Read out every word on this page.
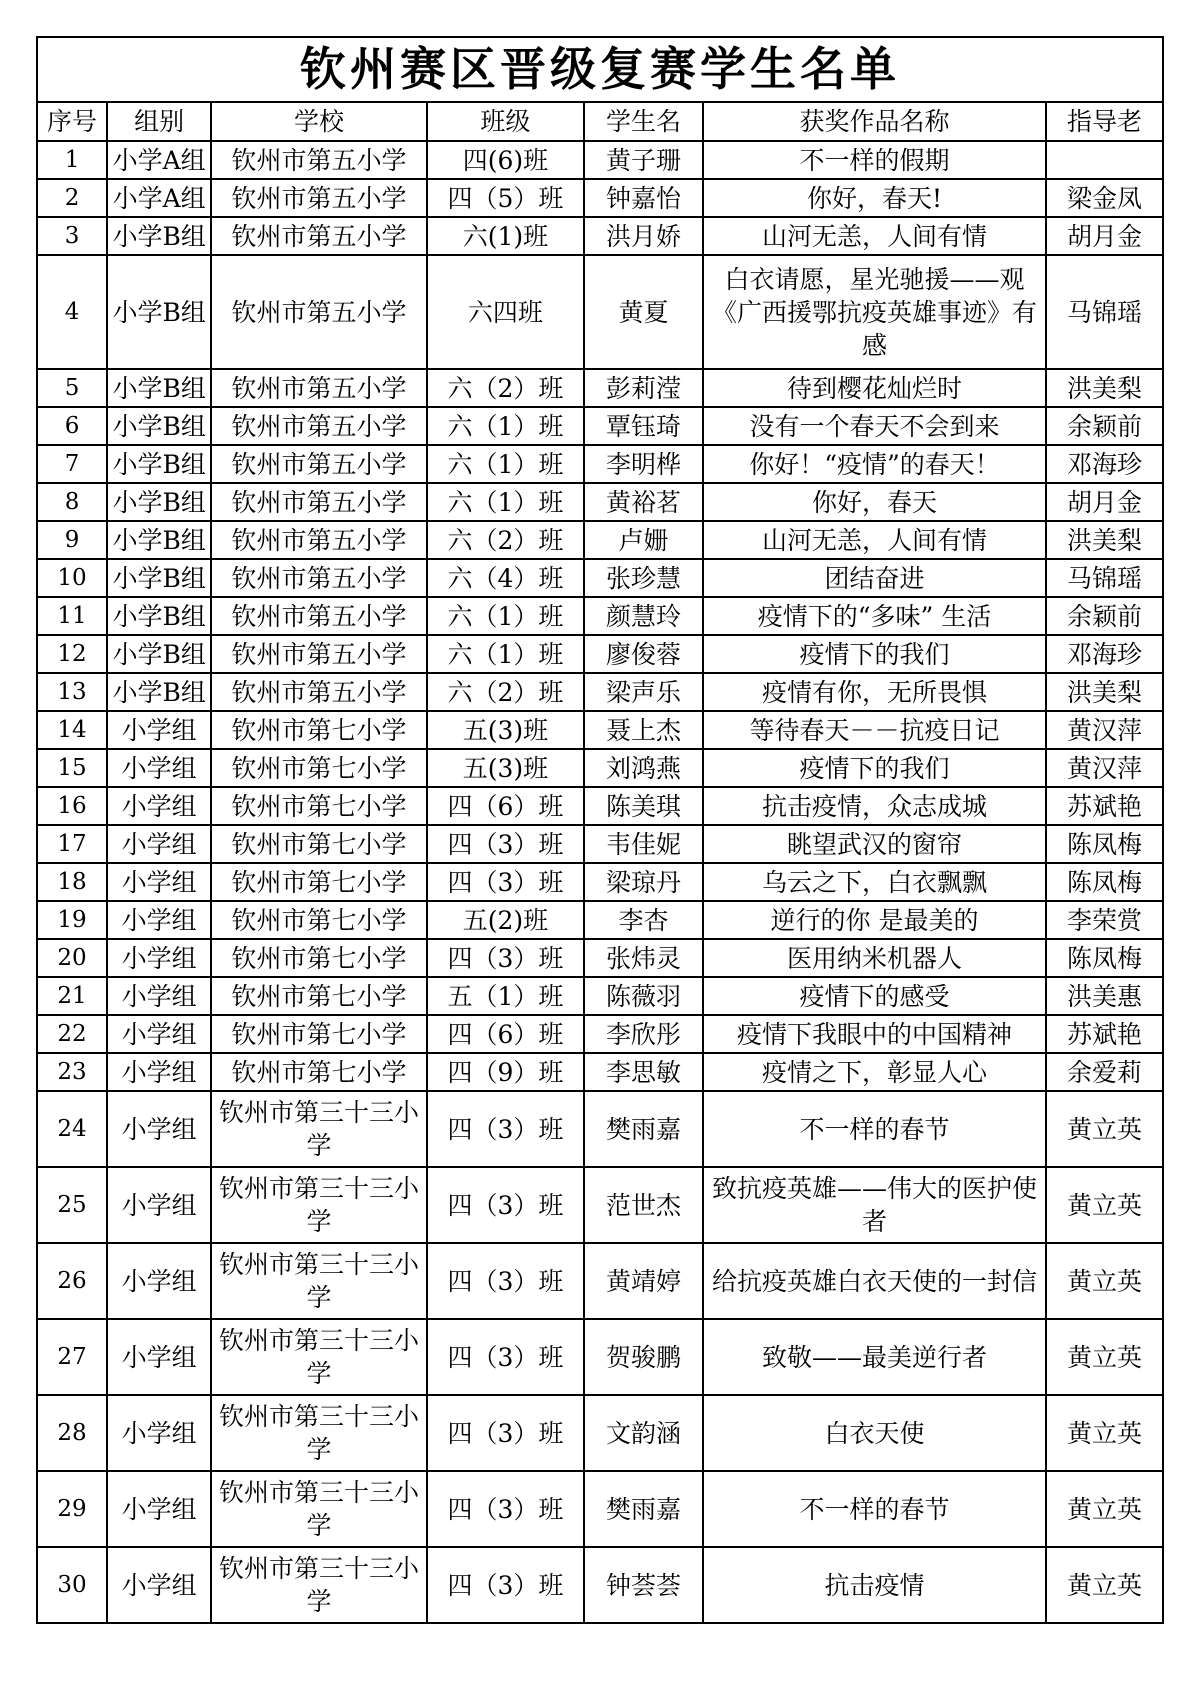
钦州赛区晋级复赛学生名单						
序号	组别	学校	班级	学生名	获奖作品名称	指导老
1	小学A组	钦州市第五小学	四(6)班	黄子珊	不一样的假期	
2	小学A组	钦州市第五小学	四（5）班	钟嘉怡	你好，春天!	梁金凤
3	小学B组	钦州市第五小学	六(1)班	洪月娇	山河无恙，人间有情	胡月金
4	小学B组	钦州市第五小学	六四班	黄夏	白衣请愿，星光驰援——观《广西援鄂抗疫英雄事迹》有感	马锦瑶
5	小学B组	钦州市第五小学	六（2）班	彭莉滢	待到樱花灿烂时	洪美梨
6	小学B组	钦州市第五小学	六（1）班	覃钰琦	没有一个春天不会到来	余颖前
7	小学B组	钦州市第五小学	六（1）班	李明桦	你好！“疫情”的春天！	邓海珍
8	小学B组	钦州市第五小学	六（1）班	黄裕茗	你好，春天	胡月金
9	小学B组	钦州市第五小学	六（2）班	卢姗	山河无恙，人间有情	洪美梨
10	小学B组	钦州市第五小学	六（4）班	张珍慧	团结奋进	马锦瑶
11	小学B组	钦州市第五小学	六（1）班	颜慧玲	疫情下的“多味” 生活	余颖前
12	小学B组	钦州市第五小学	六（1）班	廖俊蓉	疫情下的我们	邓海珍
13	小学B组	钦州市第五小学	六（2）班	梁声乐	疫情有你，无所畏惧	洪美梨
14	小学组	钦州市第七小学	五(3)班	聂上杰	等待春天－－抗疫日记	黄汉萍
15	小学组	钦州市第七小学	五(3)班	刘鸿燕	疫情下的我们	黄汉萍
16	小学组	钦州市第七小学	四（6）班	陈美琪	抗击疫情，众志成城	苏斌艳
17	小学组	钦州市第七小学	四（3）班	韦佳妮	眺望武汉的窗帘	陈凤梅
18	小学组	钦州市第七小学	四（3）班	梁琼丹	乌云之下，白衣飘飘	陈凤梅
19	小学组	钦州市第七小学	五(2)班	李杏	逆行的你 是最美的	李荣赏
20	小学组	钦州市第七小学	四（3）班	张炜灵	医用纳米机器人	陈凤梅
21	小学组	钦州市第七小学	五（1）班	陈薇羽	疫情下的感受	洪美惠
22	小学组	钦州市第七小学	四（6）班	李欣彤	疫情下我眼中的中国精神	苏斌艳
23	小学组	钦州市第七小学	四（9）班	李思敏	疫情之下，彰显人心	余爱莉
24	小学组	钦州市第三十三小学	四（3）班	樊雨嘉	不一样的春节	黄立英
25	小学组	钦州市第三十三小学	四（3）班	范世杰	致抗疫英雄——伟大的医护使者	黄立英
26	小学组	钦州市第三十三小学	四（3）班	黄靖婷	给抗疫英雄白衣天使的一封信	黄立英
27	小学组	钦州市第三十三小学	四（3）班	贺骏鹏	致敬——最美逆行者	黄立英
28	小学组	钦州市第三十三小学	四（3）班	文韵涵	白衣天使	黄立英
29	小学组	钦州市第三十三小学	四（3）班	樊雨嘉	不一样的春节	黄立英
30	小学组	钦州市第三十三小学	四（3）班	钟荟荟	抗击疫情	黄立英
